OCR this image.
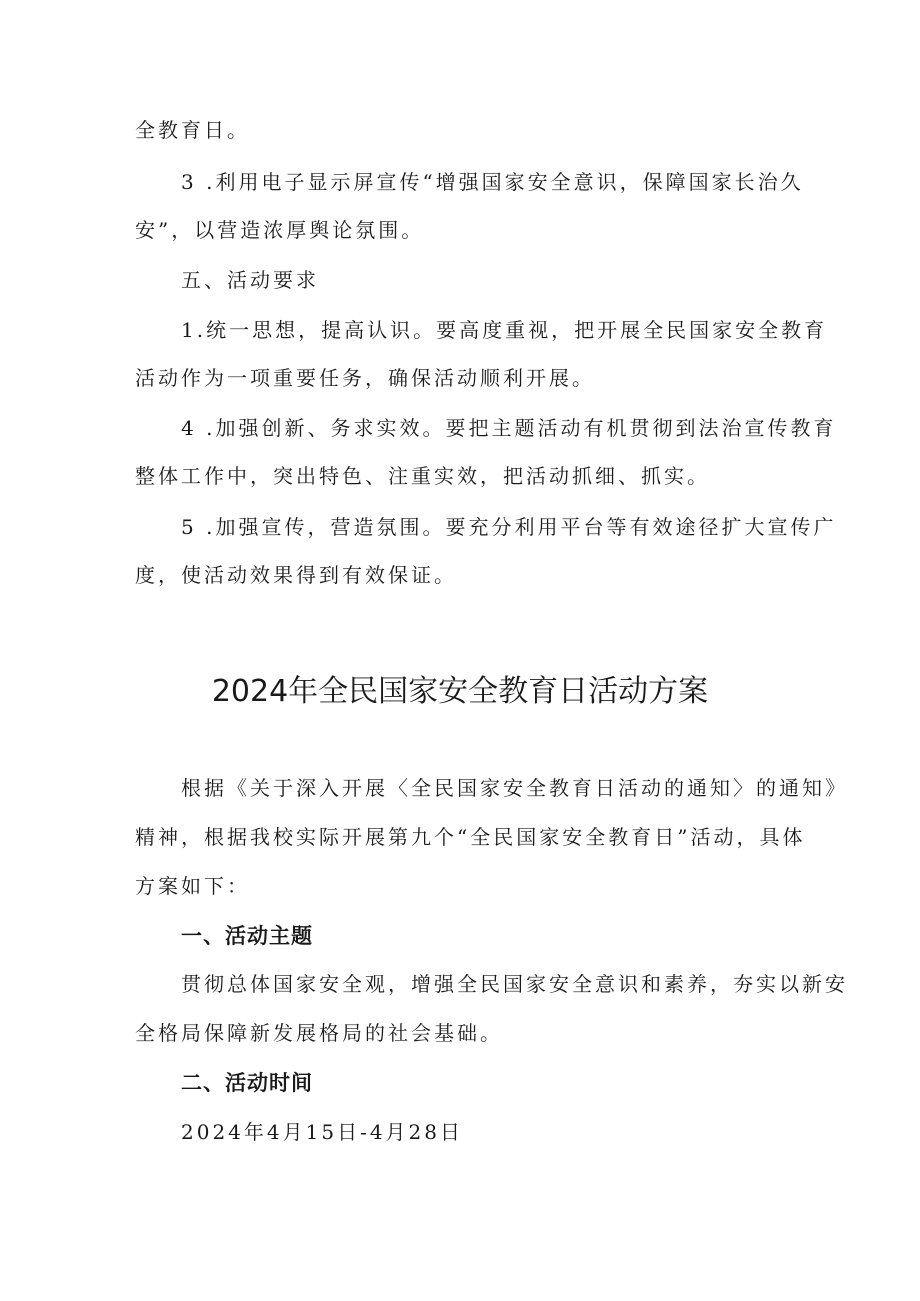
全教育日。
3 .利用电子显示屏宣传“增强国家安全意识，保障国家长治久
安”，以营造浓厚舆论氛围。
五、活动要求
1.统一思想，提高认识。要高度重视，把开展全民国家安全教育
活动作为一项重要任务，确保活动顺利开展。
4 .加强创新、务求实效。要把主题活动有机贯彻到法治宣传教育
整体工作中，突出特色、注重实效，把活动抓细、抓实。
5 .加强宣传，营造氛围。要充分利用平台等有效途径扩大宣传广
度，使活动效果得到有效保证。
2024年全民国家安全教育日活动方案
根据《关于深入开展〈全民国家安全教育日活动的通知〉的通知》
精神，根据我校实际开展第九个“全民国家安全教育日”活动，具体
方案如下：
一、活动主题
贯彻总体国家安全观，增强全民国家安全意识和素养，夯实以新安
全格局保障新发展格局的社会基础。
二、活动时间
2024年4月15日-4月28日
